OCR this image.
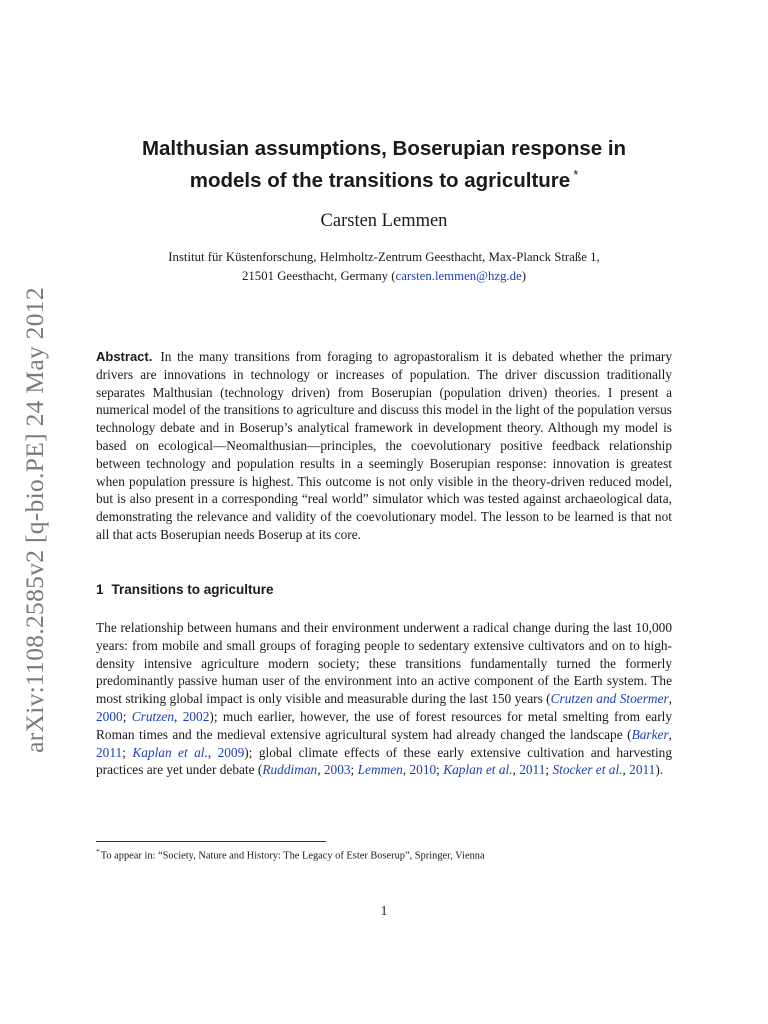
arXiv:1108.2585v2 [q-bio.PE] 24 May 2012
Malthusian assumptions, Boserupian response in
models of the transitions to agriculture *
Carsten Lemmen
Institut für Küstenforschung, Helmholtz-Zentrum Geesthacht, Max-Planck Straße 1,
21501 Geesthacht, Germany (carsten.lemmen@hzg.de)

Abstract. In the many transitions from foraging to agropastoralism it is debated whether the primary drivers are innovations in technology or increases of population. The driver discussion traditionally separates Malthusian (technology driven) from Boserupian (population driven) theories. I present a numerical model of the transitions to agriculture and discuss this model in the light of the population versus technology debate and in Boserup’s analytical framework in development theory. Although my model is based on ecological—Neomalthusian—principles, the coevolutionary positive feedback relationship between technology and population results in a seemingly Boserupian response: innovation is greatest when population pressure is highest. This outcome is not only visible in the theory-driven reduced model, but is also present in a corresponding “real world” simulator which was tested against archaeological data, demonstrating the relevance and validity of the coevolutionary model. The lesson to be learned is that not all that acts Boserupian needs Boserup at its core.

1 Transitions to agriculture

The relationship between humans and their environment underwent a radical change during the last 10,000 years: from mobile and small groups of foraging people to sedentary extensive cultivators and on to high-density intensive agriculture modern society; these transitions fundamentally turned the formerly predominantly passive human user of the environment into an active component of the Earth system. The most striking global impact is only visible and measurable during the last 150 years (Crutzen and Stoermer, 2000; Crutzen, 2002); much earlier, however, the use of forest resources for metal smelting from early Roman times and the medieval extensive agricultural system had already changed the landscape (Barker, 2011; Kaplan et al., 2009); global climate effects of these early extensive cultivation and harvesting practices are yet under debate (Ruddiman, 2003; Lemmen, 2010; Kaplan et al., 2011; Stocker et al., 2011).

*To appear in: “Society, Nature and History: The Legacy of Ester Boserup”, Springer, Vienna

1
